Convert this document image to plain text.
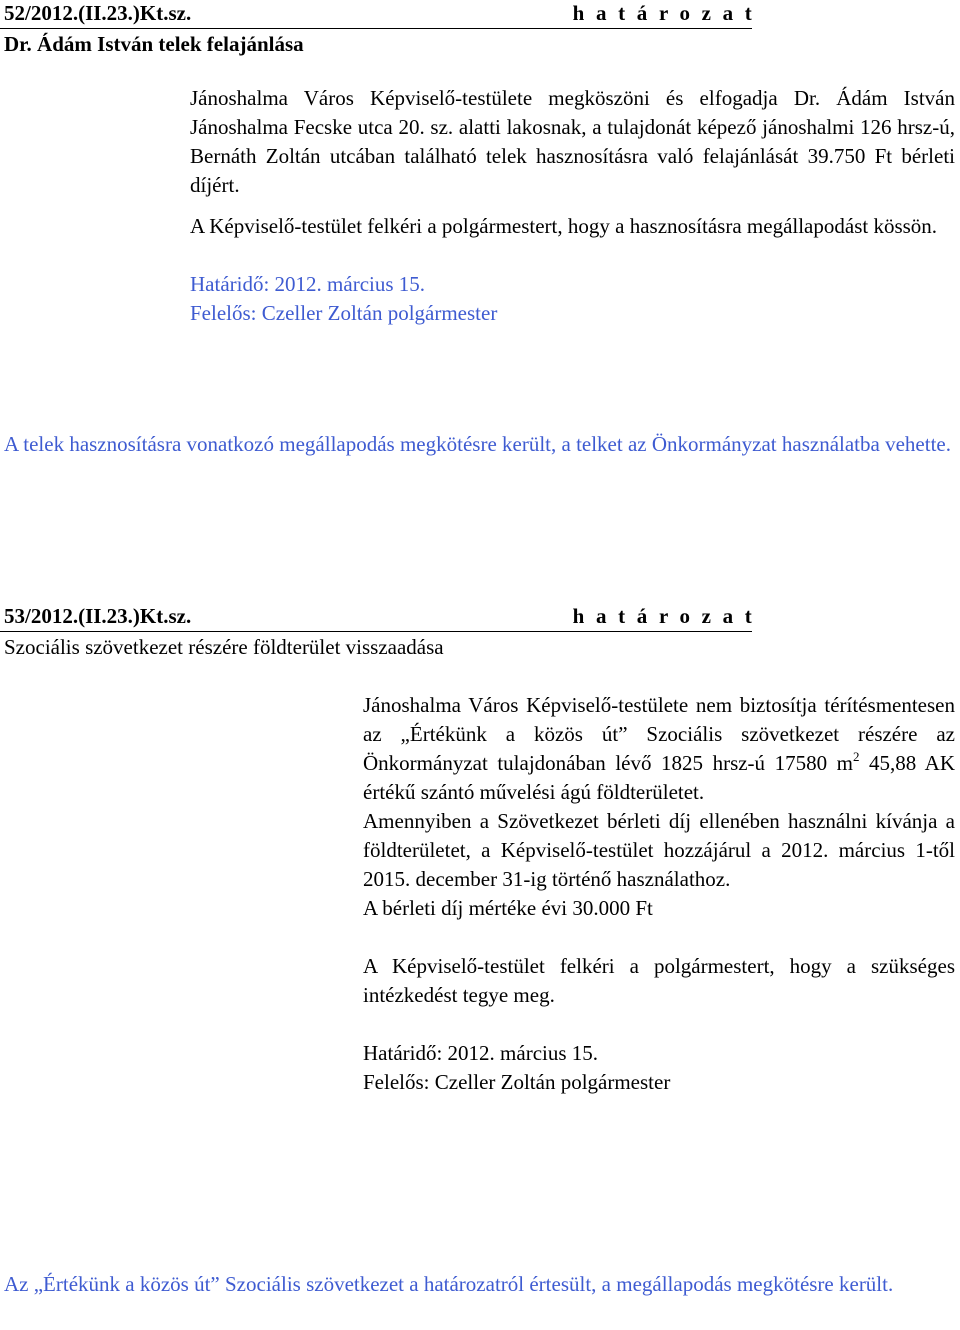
52/2012.(II.23.)Kt.sz.	h a t á r o z a t
Dr. Ádám István telek felajánlása

Jánoshalma Város Képviselő-testülete megköszöni és elfogadja Dr. Ádám István Jánoshalma Fecske utca 20. sz. alatti lakosnak, a tulajdonát képező jánoshalmi 126 hrsz-ú, Bernáth Zoltán utcában található telek hasznosításra való felajánlását 39.750 Ft bérleti díjért.

A Képviselő-testület felkéri a polgármestert, hogy a hasznosításra megállapodást kössön.

Határidő: 2012. március 15.

Felelős: Czeller Zoltán polgármester

A telek hasznosításra vonatkozó megállapodás megkötésre került, a telket az Önkormányzat használatba vehette.
53/2012.(II.23.)Kt.sz.	h a t á r o z a t
Szociális szövetkezet részére földterület visszaadása

Jánoshalma Város Képviselő-testülete nem biztosítja térítésmentesen az „Értékünk a közös út” Szociális szövetkezet részére az Önkormányzat tulajdonában lévő 1825 hrsz-ú 17580 $m^2$ 45,88 AK értékű szántó művelési ágú földterületet.

Amennyiben a Szövetkezet bérleti díj ellenében használni kívánja a földterületet, a Képviselő-testület hozzájárul a 2012. március 1-től 2015. december 31-ig történő használathoz.

A bérleti díj mértéke évi 30.000 Ft

A Képviselő-testület felkéri a polgármestert, hogy a szükséges intézkedést tegye meg.

Határidő: 2012. március 15.

Felelős: Czeller Zoltán polgármester

Az „Értékünk a közös út” Szociális szövetkezet a határozatról értesült, a megállapodás megkötésre került.
